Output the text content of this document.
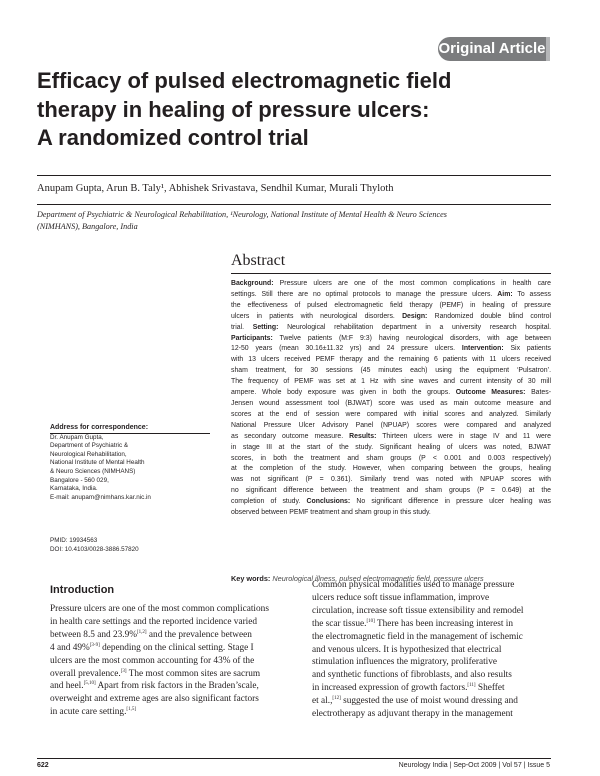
Original Article
Efficacy of pulsed electromagnetic field
therapy in healing of pressure ulcers:
A randomized control trial
Anupam Gupta, Arun B. Taly¹, Abhishek Srivastava, Sendhil Kumar, Murali Thyloth
Department of Psychiatric & Neurological Rehabilitation, ¹Neurology, National Institute of Mental Health & Neuro Sciences
(NIMHANS), Bangalore, India
Abstract
Background: Pressure ulcers are one of the most common complications in health care
settings. Still there are no optimal protocols to manage the pressure ulcers. Aim: To assess
the effectiveness of pulsed electromagnetic field therapy (PEMF) in healing of pressure
ulcers in patients with neurological disorders. Design: Randomized double blind control
trial. Setting: Neurological rehabilitation department in a university research hospital.
Participants: Twelve patients (M:F 9:3) having neurological disorders, with age between
12-50 years (mean 30.16±11.32 yrs) and 24 pressure ulcers. Intervention: Six patients
with 13 ulcers received PEMF therapy and the remaining 6 patients with 11 ulcers received
sham treatment, for 30 sessions (45 minutes each) using the equipment ‘Pulsatron’.
The frequency of PEMF was set at 1 Hz with sine waves and current intensity of 30 mill
ampere. Whole body exposure was given in both the groups. Outcome Measures: Bates-
Jensen wound assessment tool (BJWAT) score was used as main outcome measure and
scores at the end of session were compared with initial scores and analyzed. Similarly
National Pressure Ulcer Advisory Panel (NPUAP) scores were compared and analyzed
as secondary outcome measure. Results: Thirteen ulcers were in stage IV and 11 were
in stage III at the start of the study. Significant healing of ulcers was noted, BJWAT
scores, in both the treatment and sham groups (P < 0.001 and 0.003 respectively)
at the completion of the study. However, when comparing between the groups, healing
was not significant (P = 0.361). Similarly trend was noted with NPUAP scores with
no significant difference between the treatment and sham groups (P = 0.649) at the
completion of study. Conclusions: No significant difference in pressure ulcer healing was
observed between PEMF treatment and sham group in this study.
Key words: Neurological illness, pulsed electromagnetic field, pressure ulcers
Address for correspondence:
Dr. Anupam Gupta,
Department of Psychiatric &
Neurological Rehabilitation,
National Institute of Mental Health
& Neuro Sciences (NIMHANS)
Bangalore - 560 029,
Karnataka, India.
E-mail: anupam@nimhans.kar.nic.in
PMID: 19934563
DOI: 10.4103/0028-3886.57820
Introduction
Pressure ulcers are one of the most common complications
in health care settings and the reported incidence varied
between 8.5 and 23.9%[1,2] and the prevalence between
4 and 49%[3-9] depending on the clinical setting. Stage I
ulcers are the most common accounting for 43% of the
overall prevalence.[3] The most common sites are sacrum
and heel.[5,10] Apart from risk factors in the Braden’scale,
overweight and extreme ages are also significant factors
in acute care setting.[1,5]
Common physical modalities used to manage pressure
ulcers reduce soft tissue inflammation, improve
circulation, increase soft tissue extensibility and remodel
the scar tissue.[10] There has been increasing interest in
the electromagnetic field in the management of ischemic
and venous ulcers. It is hypothesized that electrical
stimulation influences the migratory, proliferative
and synthetic functions of fibroblasts, and also results
in increased expression of growth factors.[11] Sheffet
et al.,[12] suggested the use of moist wound dressing and
electrotherapy as adjuvant therapy in the management
622	Neurology India | Sep-Oct 2009 | Vol 57 | Issue 5
